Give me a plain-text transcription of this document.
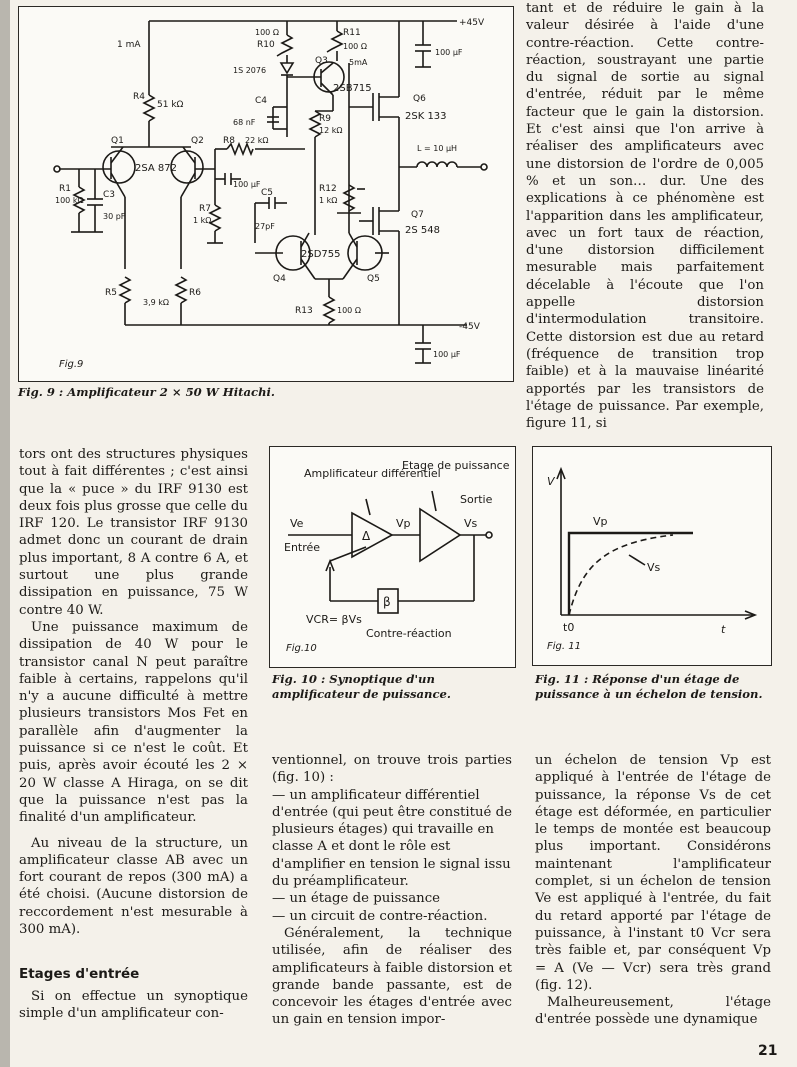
+45V
-45V
1 mA
R4
51 kΩ
Q1	Q2
2SA 872
R1
100 kΩ
C3
30 pF
R8 22 kΩ
R7
1 kΩ
100 µF
C5
27pF
100 Ω
R10
1S 2076
C4
68 nF
R11
100 Ω
Q3	5mA
2SB715
R9
12 kΩ
Q6
2SK 133
100 µF
L = 10 µH
R12
1 kΩ
Q7
2S 548
2SD755
Q4	Q5
R13	100 Ω
R5	R6
3,9 kΩ
100 µF
Fig.9
Fig. 9 : Amplificateur 2 × 50 W Hitachi.

tant et de réduire le gain à la valeur désirée à l'aide d'une contre-réaction. Cette contre-réaction, soustrayant une partie du signal de sortie au signal d'entrée, réduit par le même facteur que le gain la distorsion. Et c'est ainsi que l'on arrive à réaliser des amplificateurs avec une distorsion de l'ordre de 0,005 % et un son… dur. Une des explications à ce phénomène est l'apparition dans les amplificateur, avec un fort taux de réaction, d'une distorsion difficilement mesurable mais parfaitement décelable à l'écoute que l'on appelle distorsion d'intermodulation transitoire. Cette distorsion est due au retard (fréquence de transition trop faible) et à la mauvaise linéarité apportés par les transistors de l'étage de puissance. Par exemple, figure 11, si

tors ont des structures physiques tout à fait différentes ; c'est ainsi que la « puce » du IRF 9130 est deux fois plus grosse que celle du IRF 120. Le transistor IRF 9130 admet donc un courant de drain plus important, 8 A contre 6 A, et surtout une plus grande dissipation en puissance, 75 W contre 40 W.

Une puissance maximum de dissipation de 40 W pour le transistor canal N peut paraître faible à certains, rappelons qu'il n'y a aucune difficulté à mettre plusieurs transistors Mos Fet en parallèle afin d'augmenter la puissance si ce n'est le coût. Et puis, après avoir écouté les 2 × 20 W classe A Hiraga, on se dit que la puissance n'est pas la finalité d'un amplificateur.

Au niveau de la structure, un amplificateur classe AB avec un fort courant de repos (300 mA) a été choisi. (Aucune distorsion de reccordement n'est mesurable à 300 mA).

Etages d'entrée

Si on effectue un synoptique simple d'un amplificateur con-

Amplificateur différentiel
Etage de puissance
Sortie
Ve
Entrée
Δ
Vp	Vs
β
VCR= βVs
Contre-réaction
Fig.10
Fig. 10 : Synoptique d'un amplificateur de puissance.
V
t
t0
Vp
Vs
Fig. 11
Fig. 11 : Réponse d'un étage de puissance à un échelon de tension.

ventionnel, on trouve trois parties (fig. 10) :

— un amplificateur différentiel d'entrée (qui peut être constitué de plusieurs étages) qui travaille en classe A et dont le rôle est d'amplifier en tension le signal issu du préamplificateur.
— un étage de puissance
— un circuit de contre-réaction.

Généralement, la technique utilisée, afin de réaliser des amplificateurs à faible distorsion et grande bande passante, est de concevoir les étages d'entrée avec un gain en tension impor-

un échelon de tension Vp est appliqué à l'entrée de l'étage de puissance, la réponse Vs de cet étage est déformée, en particulier le temps de montée est beaucoup plus important. Considérons maintenant l'amplificateur complet, si un échelon de tension Ve est appliqué à l'entrée, du fait du retard apporté par l'étage de puissance, à l'instant t0 Vcr sera très faible et, par conséquent Vp = A (Ve — Vcr) sera très grand (fig. 12).

Malheureusement, l'étage d'entrée possède une dynamique

21
